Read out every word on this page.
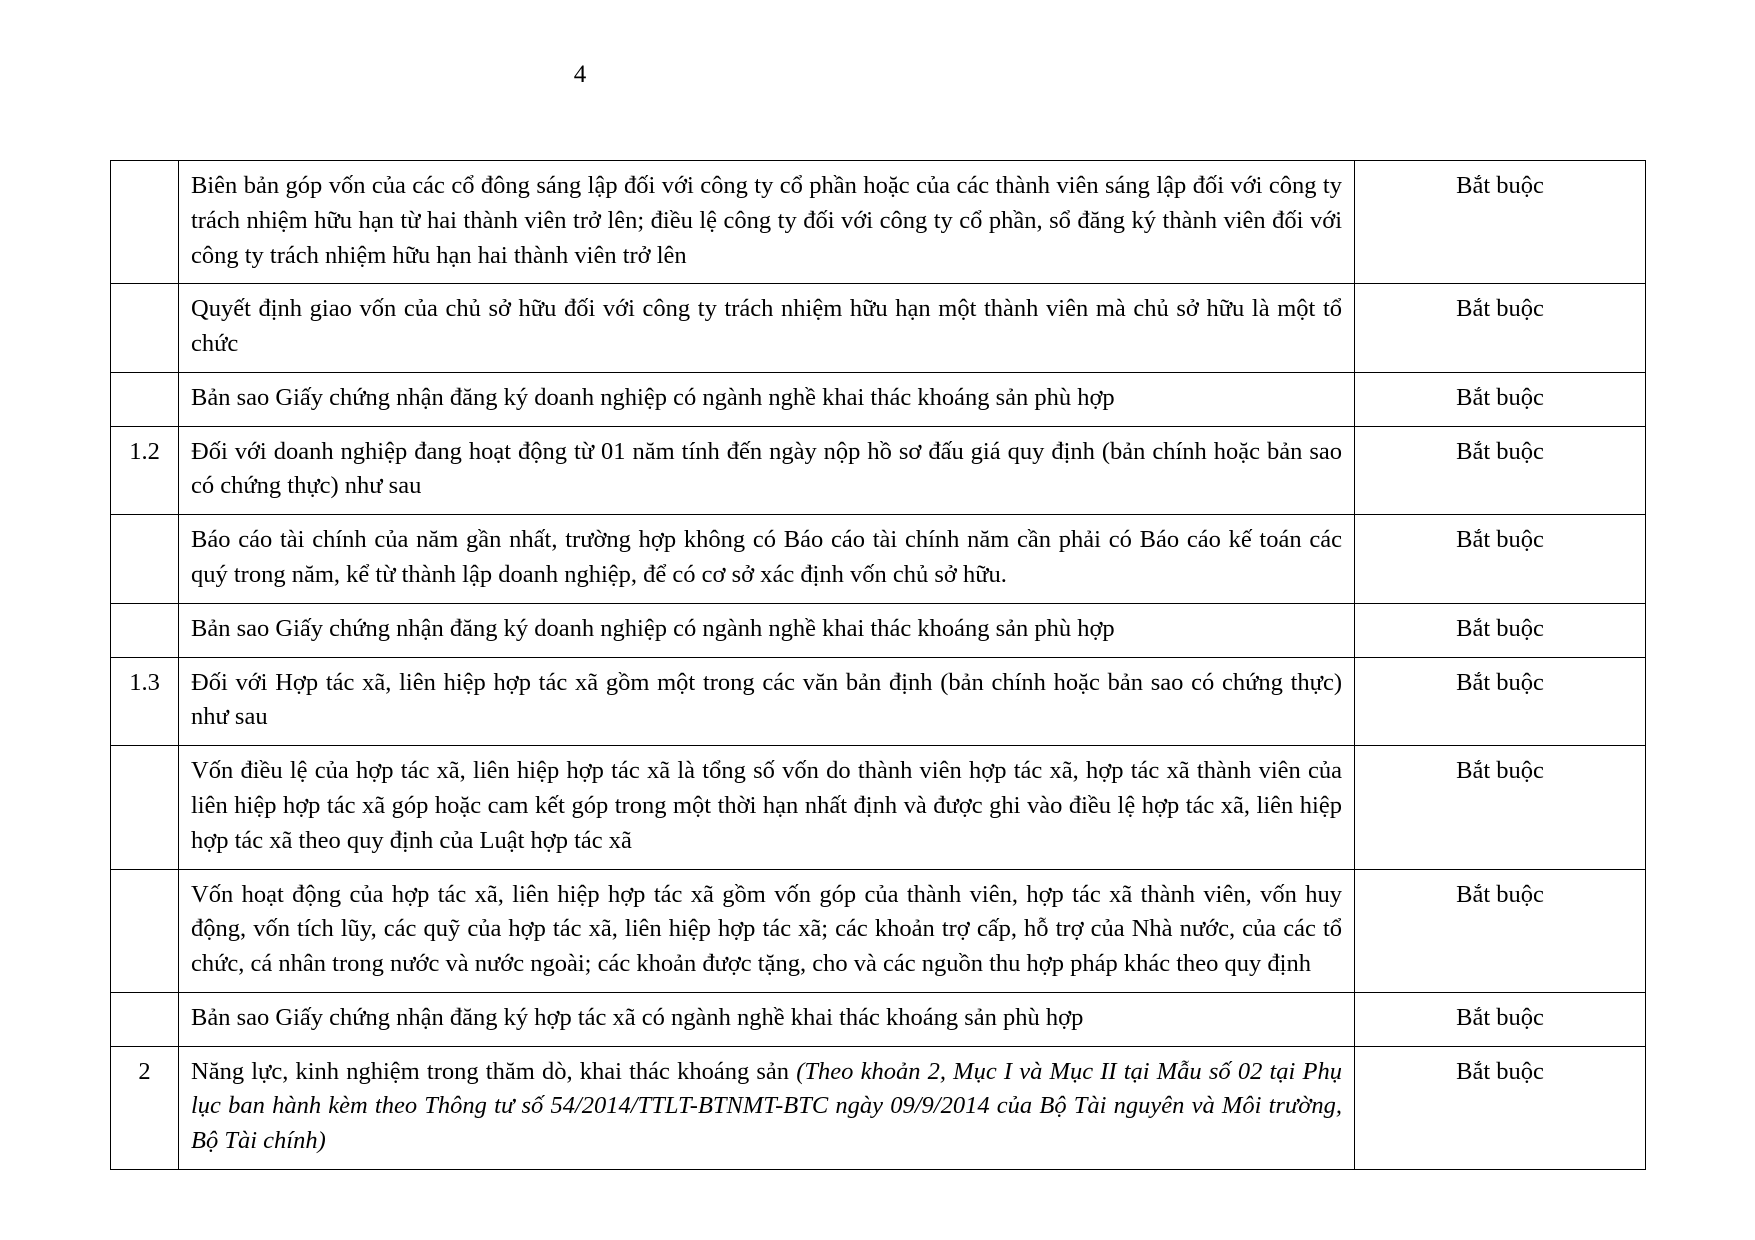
4

	Biên bản góp vốn của các cổ đông sáng lập đối với công ty cổ phần hoặc của các thành viên sáng lập đối với công ty trách nhiệm hữu hạn từ hai thành viên trở lên; điều lệ công ty đối với công ty cổ phần, sổ đăng ký thành viên đối với công ty trách nhiệm hữu hạn hai thành viên trở lên	Bắt buộc

	Quyết định giao vốn của chủ sở hữu đối với công ty trách nhiệm hữu hạn một thành viên mà chủ sở hữu là một tổ chức	Bắt buộc

	Bản sao Giấy chứng nhận đăng ký doanh nghiệp có ngành nghề khai thác khoáng sản phù hợp	Bắt buộc
1.2	Đối với doanh nghiệp đang hoạt động từ 01 năm tính đến ngày nộp hồ sơ đấu giá quy định (bản chính hoặc bản sao có chứng thực) như sau	Bắt buộc

	Báo cáo tài chính của năm gần nhất, trường hợp không có Báo cáo tài chính năm cần phải có Báo cáo kế toán các quý trong năm, kể từ thành lập doanh nghiệp, để có cơ sở xác định vốn chủ sở hữu.	Bắt buộc

	Bản sao Giấy chứng nhận đăng ký doanh nghiệp có ngành nghề khai thác khoáng sản phù hợp	Bắt buộc
1.3	Đối với Hợp tác xã, liên hiệp hợp tác xã gồm một trong các văn bản định (bản chính hoặc bản sao có chứng thực) như sau	Bắt buộc

	Vốn điều lệ của hợp tác xã, liên hiệp hợp tác xã là tổng số vốn do thành viên hợp tác xã, hợp tác xã thành viên của liên hiệp hợp tác xã góp hoặc cam kết góp trong một thời hạn nhất định và được ghi vào điều lệ hợp tác xã, liên hiệp hợp tác xã theo quy định của Luật hợp tác xã	Bắt buộc

	Vốn hoạt động của hợp tác xã, liên hiệp hợp tác xã gồm vốn góp của thành viên, hợp tác xã thành viên, vốn huy động, vốn tích lũy, các quỹ của hợp tác xã, liên hiệp hợp tác xã; các khoản trợ cấp, hỗ trợ của Nhà nước, của các tổ chức, cá nhân trong nước và nước ngoài; các khoản được tặng, cho và các nguồn thu hợp pháp khác theo quy định	Bắt buộc

	Bản sao Giấy chứng nhận đăng ký hợp tác xã có ngành nghề khai thác khoáng sản phù hợp	Bắt buộc
2	Năng lực, kinh nghiệm trong thăm dò, khai thác khoáng sản (Theo khoản 2, Mục I và Mục II tại Mẫu số 02 tại Phụ lục ban hành kèm theo Thông tư số 54/2014/TTLT-BTNMT-BTC ngày 09/9/2014 của Bộ Tài nguyên và Môi trường, Bộ Tài chính)	Bắt buộc
